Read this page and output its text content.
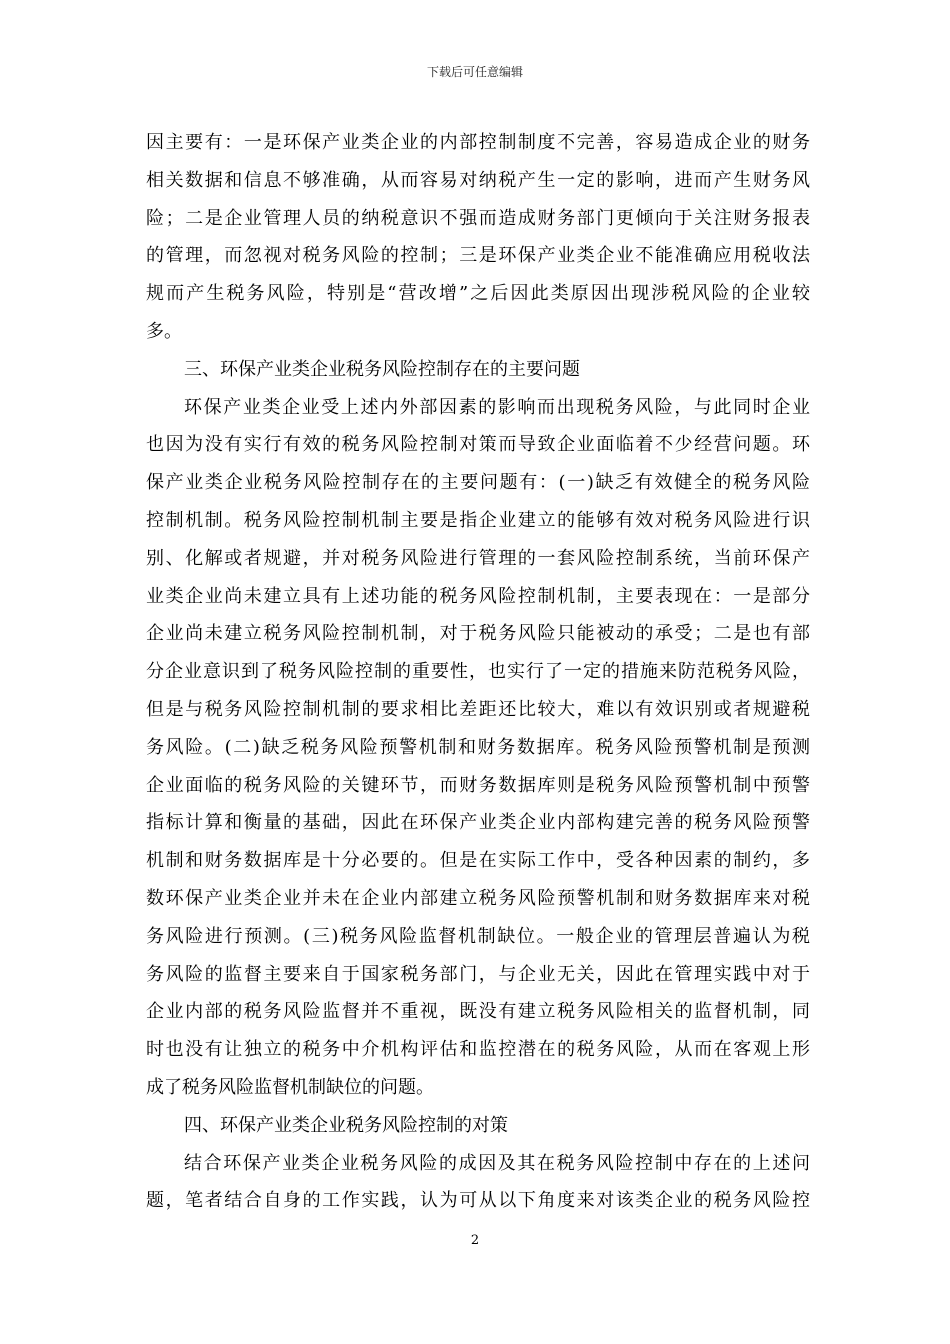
下载后可任意编辑
因主要有：一是环保产业类企业的内部控制制度不完善，容易造成企业的财务
相关数据和信息不够准确，从而容易对纳税产生一定的影响，进而产生财务风
险；二是企业管理人员的纳税意识不强而造成财务部门更倾向于关注财务报表
的管理，而忽视对税务风险的控制；三是环保产业类企业不能准确应用税收法
规而产生税务风险，特别是“营改增”之后因此类原因出现涉税风险的企业较
多。
三、环保产业类企业税务风险控制存在的主要问题
环保产业类企业受上述内外部因素的影响而出现税务风险，与此同时企业
也因为没有实行有效的税务风险控制对策而导致企业面临着不少经营问题。环
保产业类企业税务风险控制存在的主要问题有：(一)缺乏有效健全的税务风险
控制机制。税务风险控制机制主要是指企业建立的能够有效对税务风险进行识
别、化解或者规避，并对税务风险进行管理的一套风险控制系统，当前环保产
业类企业尚未建立具有上述功能的税务风险控制机制，主要表现在：一是部分
企业尚未建立税务风险控制机制，对于税务风险只能被动的承受；二是也有部
分企业意识到了税务风险控制的重要性，也实行了一定的措施来防范税务风险，
但是与税务风险控制机制的要求相比差距还比较大，难以有效识别或者规避税
务风险。(二)缺乏税务风险预警机制和财务数据库。税务风险预警机制是预测
企业面临的税务风险的关键环节，而财务数据库则是税务风险预警机制中预警
指标计算和衡量的基础，因此在环保产业类企业内部构建完善的税务风险预警
机制和财务数据库是十分必要的。但是在实际工作中，受各种因素的制约，多
数环保产业类企业并未在企业内部建立税务风险预警机制和财务数据库来对税
务风险进行预测。(三)税务风险监督机制缺位。一般企业的管理层普遍认为税
务风险的监督主要来自于国家税务部门，与企业无关，因此在管理实践中对于
企业内部的税务风险监督并不重视，既没有建立税务风险相关的监督机制，同
时也没有让独立的税务中介机构评估和监控潜在的税务风险，从而在客观上形
成了税务风险监督机制缺位的问题。
四、环保产业类企业税务风险控制的对策
结合环保产业类企业税务风险的成因及其在税务风险控制中存在的上述问
题，笔者结合自身的工作实践，认为可从以下角度来对该类企业的税务风险控
2
